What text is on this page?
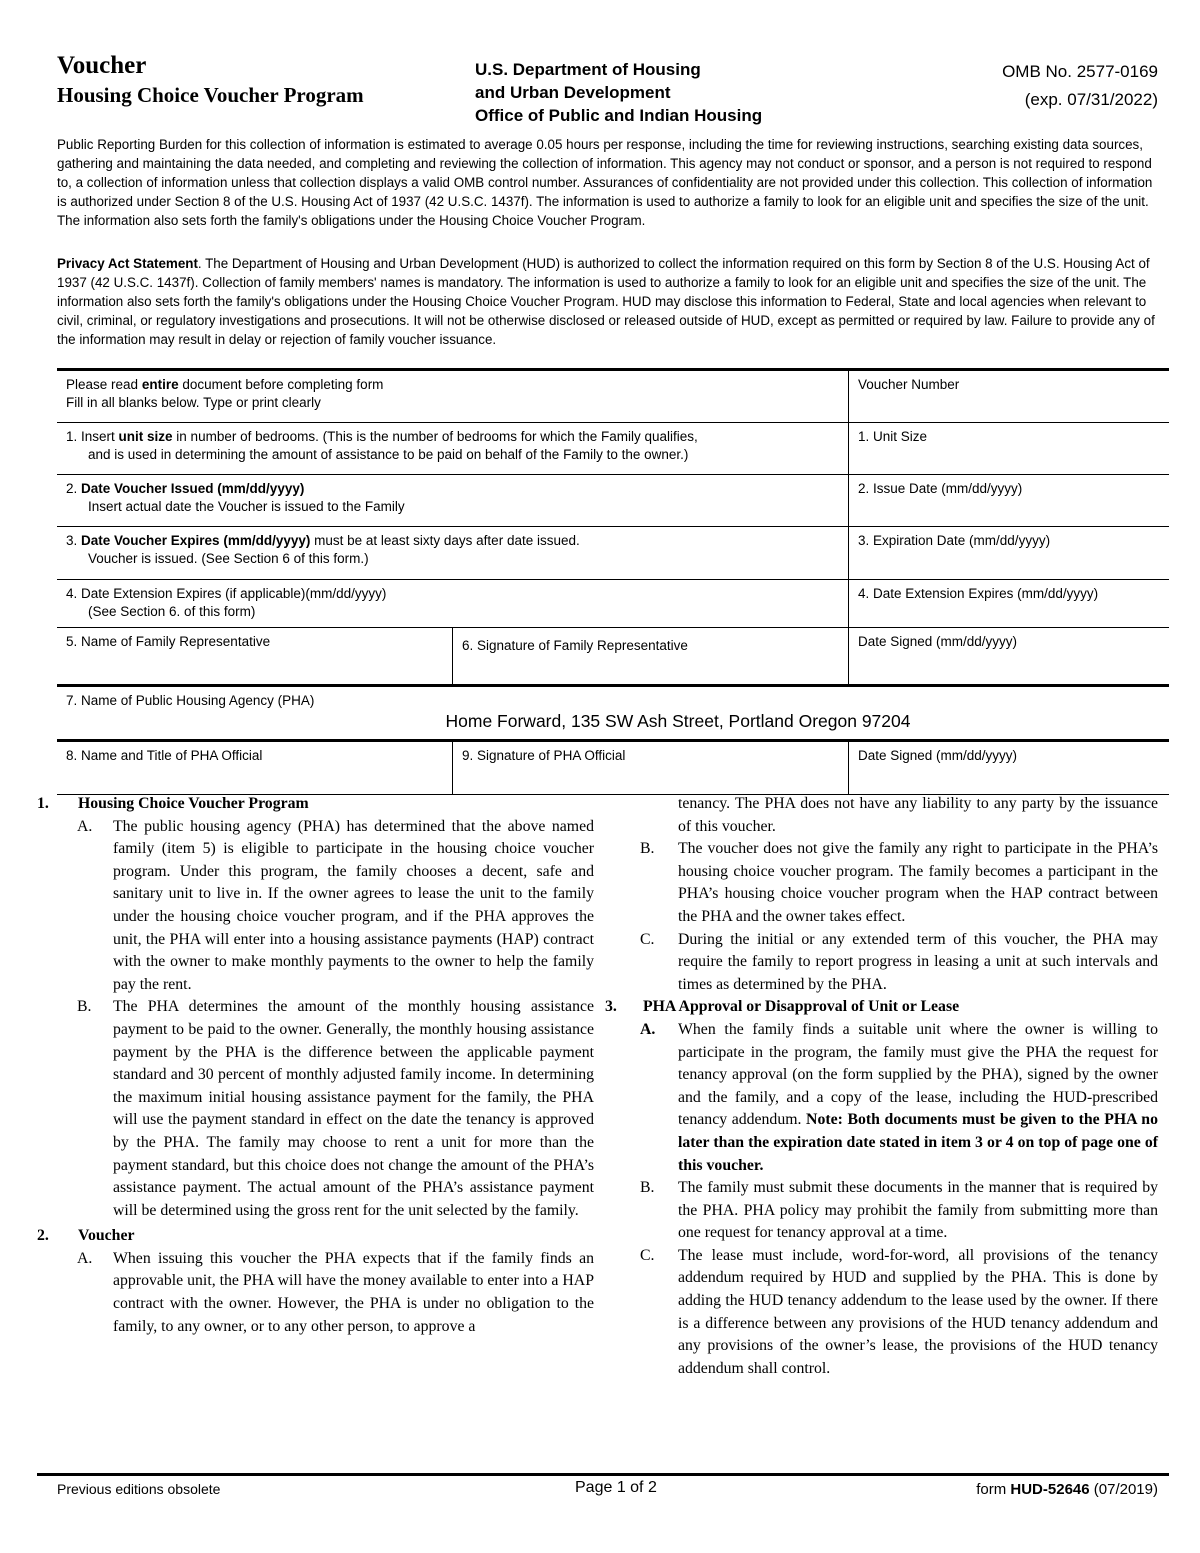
Voucher
Housing Choice Voucher Program
U.S. Department of Housing
and Urban Development
Office of Public and Indian Housing
OMB No. 2577-0169
(exp. 07/31/2022)
Public Reporting Burden for this collection of information is estimated to average 0.05 hours per response, including the time for reviewing instructions, searching existing data sources, gathering and maintaining the data needed, and completing and reviewing the collection of information. This agency may not conduct or sponsor, and a person is not required to respond to, a collection of information unless that collection displays a valid OMB control number. Assurances of confidentiality are not provided under this collection. This collection of information is authorized under Section 8 of the U.S. Housing Act of 1937 (42 U.S.C. 1437f). The information is used to authorize a family to look for an eligible unit and specifies the size of the unit. The information also sets forth the family's obligations under the Housing Choice Voucher Program.
Privacy Act Statement. The Department of Housing and Urban Development (HUD) is authorized to collect the information required on this form by Section 8 of the U.S. Housing Act of 1937 (42 U.S.C. 1437f). Collection of family members' names is mandatory. The information is used to authorize a family to look for an eligible unit and specifies the size of the unit. The information also sets forth the family's obligations under the Housing Choice Voucher Program. HUD may disclose this information to Federal, State and local agencies when relevant to civil, criminal, or regulatory investigations and prosecutions. It will not be otherwise disclosed or released outside of HUD, except as permitted or required by law. Failure to provide any of the information may result in delay or rejection of family voucher issuance.
Please read entire document before completing form
Fill in all blanks below. Type or print clearly
Voucher Number
1. Insert unit size in number of bedrooms. (This is the number of bedrooms for which the Family qualifies,
and is used in determining the amount of assistance to be paid on behalf of the Family to the owner.)
1. Unit Size
2. Date Voucher Issued (mm/dd/yyyy)
Insert actual date the Voucher is issued to the Family
2. Issue Date (mm/dd/yyyy)
3. Date Voucher Expires (mm/dd/yyyy) must be at least sixty days after date issued.
Voucher is issued. (See Section 6 of this form.)
3. Expiration Date (mm/dd/yyyy)
4. Date Extension Expires (if applicable)(mm/dd/yyyy)
(See Section 6. of this form)
4. Date Extension Expires (mm/dd/yyyy)
5. Name of Family Representative	6. Signature of Family Representative	Date Signed (mm/dd/yyyy)
7. Name of Public Housing Agency (PHA)
Home Forward, 135 SW Ash Street, Portland Oregon 97204
8. Name and Title of PHA Official	9. Signature of PHA Official	Date Signed (mm/dd/yyyy)
1.	Housing Choice Voucher Program
A.	The public housing agency (PHA) has determined that the above named family (item 5) is eligible to participate in the housing choice voucher program. Under this program, the family chooses a decent, safe and sanitary unit to live in. If the owner agrees to lease the unit to the family under the housing choice voucher program, and if the PHA approves the unit, the PHA will enter into a housing assistance payments (HAP) contract with the owner to make monthly payments to the owner to help the family pay the rent.
B.	The PHA determines the amount of the monthly housing assistance payment to be paid to the owner. Generally, the monthly housing assistance payment by the PHA is the difference between the applicable payment standard and 30 percent of monthly adjusted family income. In determining the maximum initial housing assistance payment for the family, the PHA will use the payment standard in effect on the date the tenancy is approved by the PHA. The family may choose to rent a unit for more than the payment standard, but this choice does not change the amount of the PHA’s assistance payment. The actual amount of the PHA’s assistance payment will be determined using the gross rent for the unit selected by the family.
2.	Voucher
A.	When issuing this voucher the PHA expects that if the family finds an approvable unit, the PHA will have the money available to enter into a HAP contract with the owner. However, the PHA is under no obligation to the family, to any owner, or to any other person, to approve a
tenancy. The PHA does not have any liability to any party by the issuance of this voucher.
B.	The voucher does not give the family any right to participate in the PHA’s housing choice voucher program. The family becomes a participant in the PHA’s housing choice voucher program when the HAP contract between the PHA and the owner takes effect.
C.	During the initial or any extended term of this voucher, the PHA may require the family to report progress in leasing a unit at such intervals and times as determined by the PHA.
3.	PHA Approval or Disapproval of Unit or Lease
A.	When the family finds a suitable unit where the owner is willing to participate in the program, the family must give the PHA the request for tenancy approval (on the form supplied by the PHA), signed by the owner and the family, and a copy of the lease, including the HUD-prescribed tenancy addendum. Note: Both documents must be given to the PHA no later than the expiration date stated in item 3 or 4 on top of page one of this voucher.
B.	The family must submit these documents in the manner that is required by the PHA. PHA policy may prohibit the family from submitting more than one request for tenancy approval at a time.
C.	The lease must include, word-for-word, all provisions of the tenancy addendum required by HUD and supplied by the PHA. This is done by adding the HUD tenancy addendum to the lease used by the owner. If there is a difference between any provisions of the HUD tenancy addendum and any provisions of the owner’s lease, the provisions of the HUD tenancy addendum shall control.
Previous editions obsolete	Page 1 of 2	form HUD-52646 (07/2019)
